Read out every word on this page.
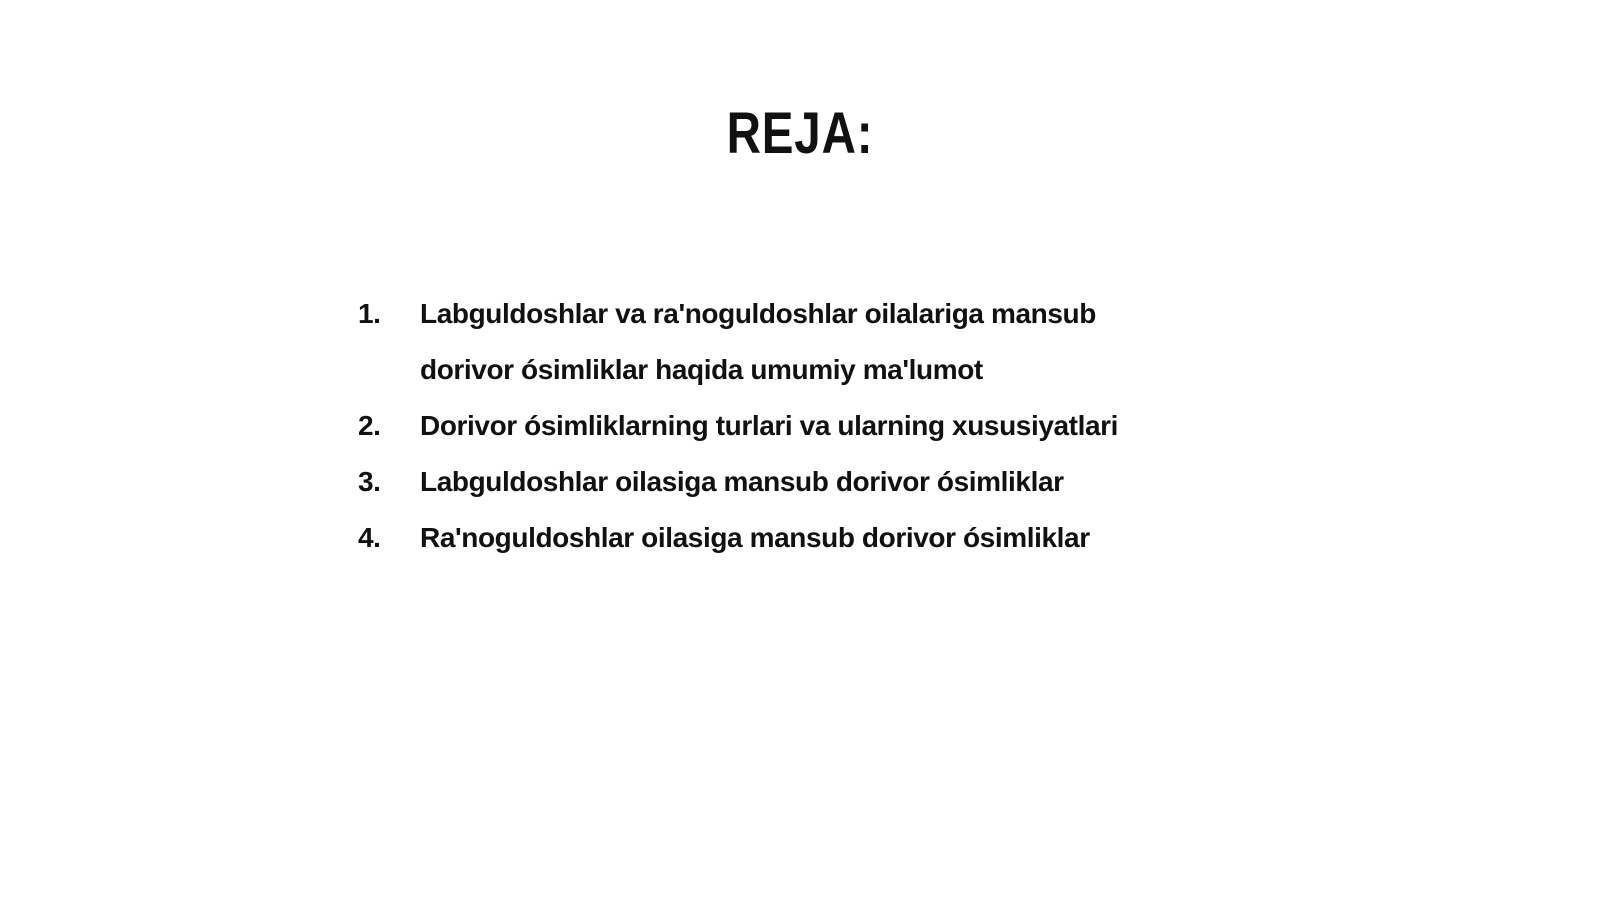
REJA:
1.	Labguldoshlar va ra'noguldoshlar oilalariga mansub dorivor ósimliklar haqida umumiy ma'lumot
2.	Dorivor ósimliklarning turlari va ularning xususiyatlari
3.	Labguldoshlar oilasiga mansub dorivor ósimliklar
4.	Ra'noguldoshlar oilasiga mansub dorivor ósimliklar
